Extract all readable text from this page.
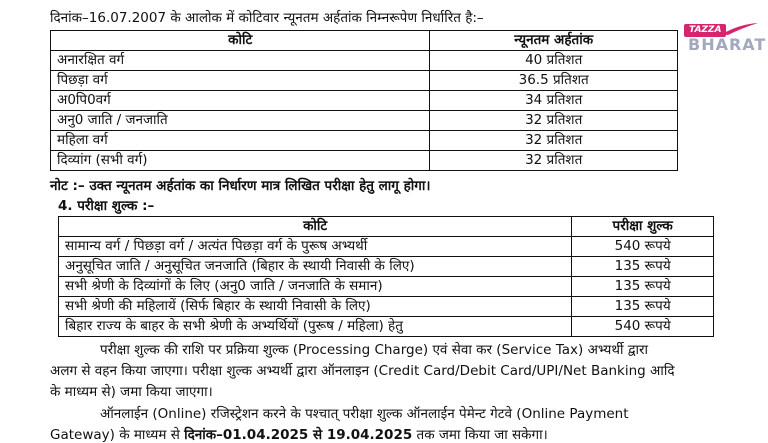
दिनांक–16.07.2007 के आलोक में कोटिवार न्यूनतम अर्हतांक निम्नरूपेण निर्धारित है:–
कोटि	न्यूनतम अर्हतांक
अनारक्षित वर्ग	40 प्रतिशत
पिछड़ा वर्ग	36.5 प्रतिशत
अ0पि0वर्ग	34 प्रतिशत
अनु0 जाति / जनजाति	32 प्रतिशत
महिला वर्ग	32 प्रतिशत
दिव्यांग (सभी वर्ग)	32 प्रतिशत
नोट :– उक्त न्यूनतम अर्हतांक का निर्धारण मात्र लिखित परीक्षा हेतु लागू होगा।
4. परीक्षा शुल्क :–
कोटि	परीक्षा शुल्क
सामान्य वर्ग / पिछड़ा वर्ग / अत्यंत पिछड़ा वर्ग के पुरूष अभ्यर्थी	540 रूपये
अनुसूचित जाति / अनुसूचित जनजाति (बिहार के स्थायी निवासी के लिए)	135 रूपये
सभी श्रेणी के दिव्यांगों के लिए (अनु0 जाति / जनजाति के समान)	135 रूपये
सभी श्रेणी की महिलायें (सिर्फ बिहार के स्थायी निवासी के लिए)	135 रूपये
बिहार राज्य के बाहर के सभी श्रेणी के अभ्यर्थियों (पुरूष / महिला) हेतु	540 रूपये
परीक्षा शुल्क की राशि पर प्रक्रिया शुल्क (Processing Charge) एवं सेवा कर (Service Tax) अभ्यर्थी द्वारा
अलग से वहन किया जाएगा। परीक्षा शुल्क अभ्यर्थी द्वारा ऑनलाइन (Credit Card/Debit Card/UPI/Net Banking आदि
के माध्यम से) जमा किया जाएगा।
ऑनलाईन (Online) रजिस्ट्रेशन करने के पश्चात् परीक्षा शुल्क ऑनलाईन पेमेन्ट गेटवे (Online Payment
Gateway) के माध्यम से दिनांक–01.04.2025 से 19.04.2025 तक जमा किया जा सकेगा।
TAZZA
BHARAT
